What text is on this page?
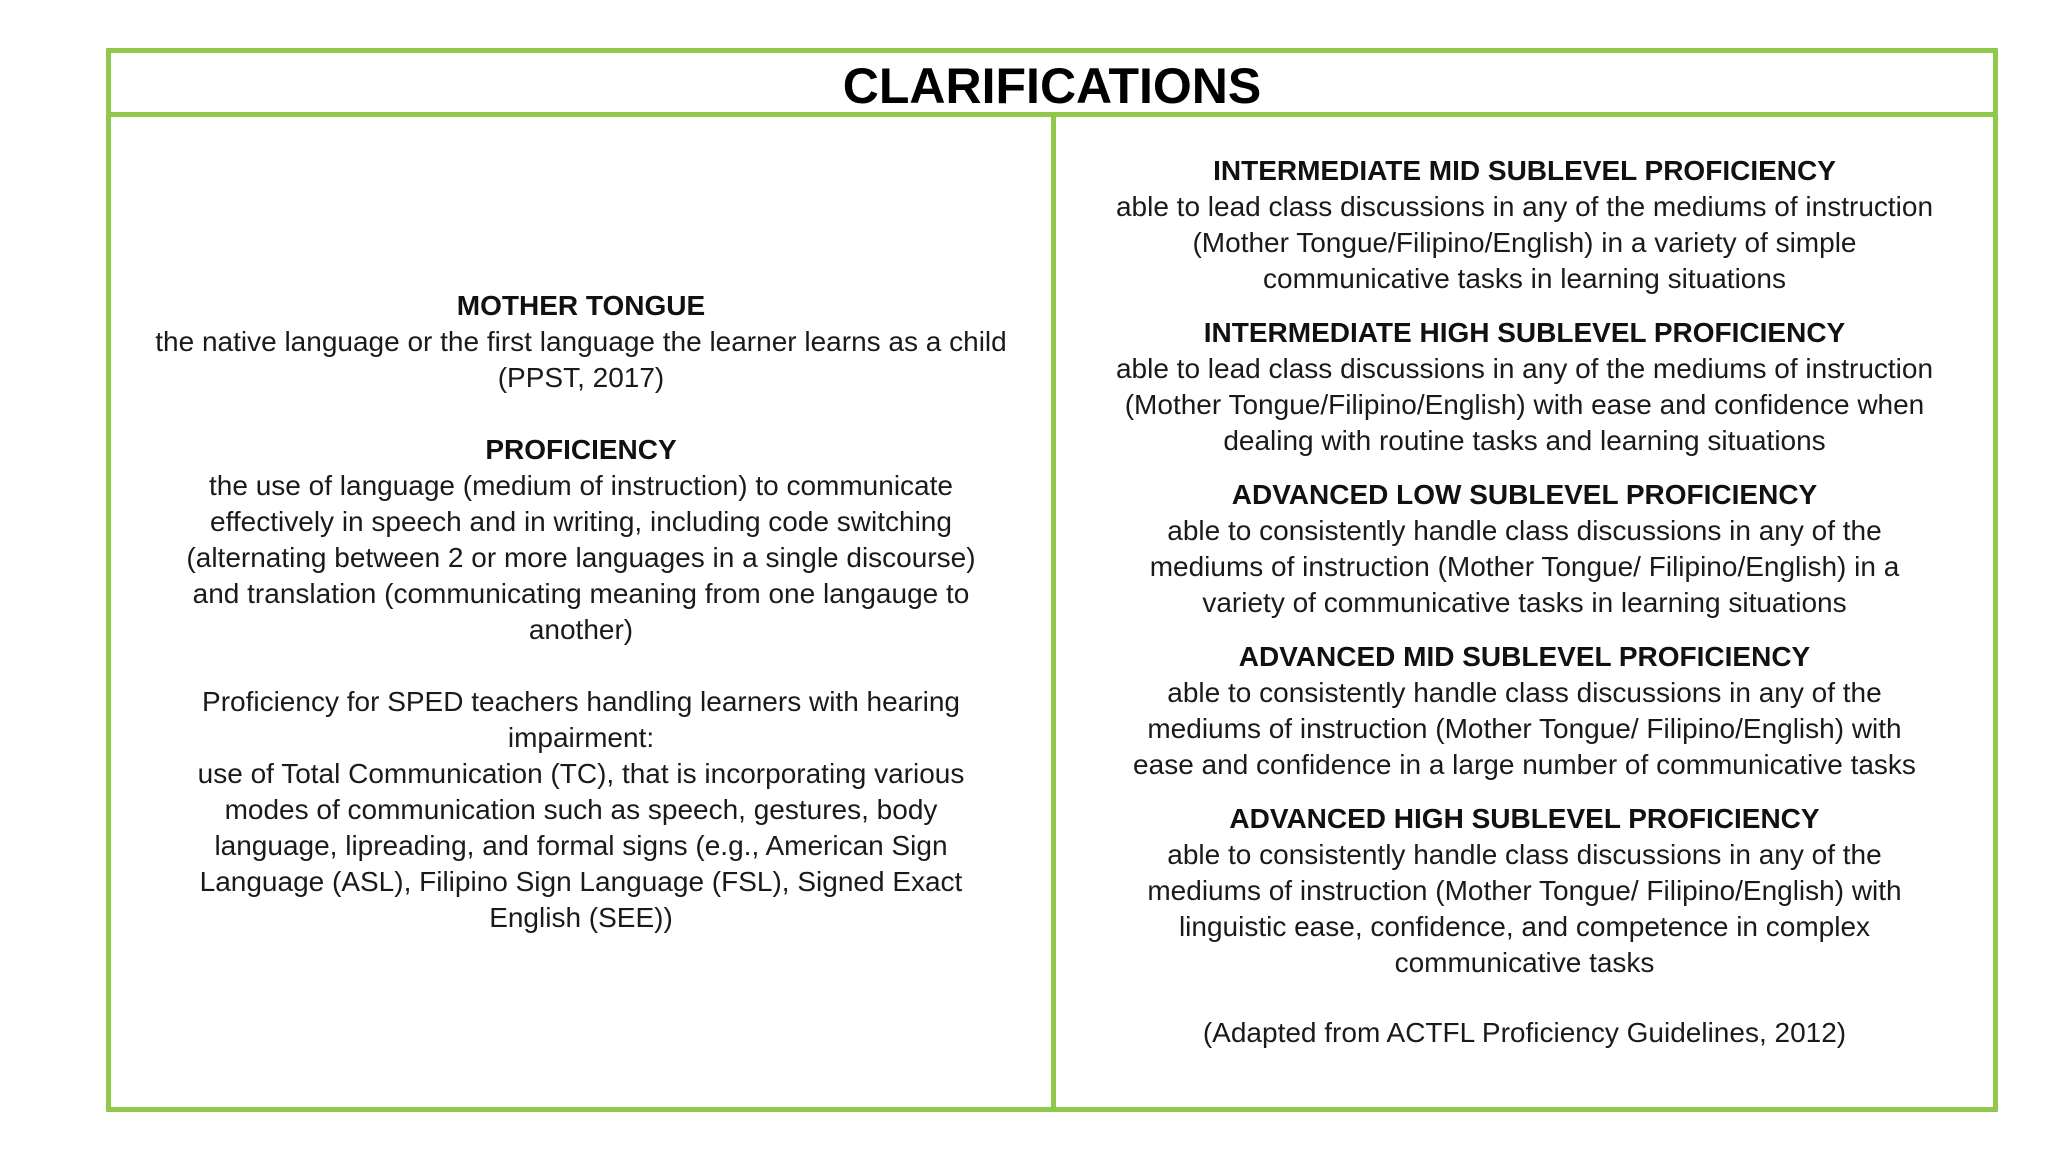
CLARIFICATIONS
MOTHER TONGUE
the native language or the first language the learner learns as a child
(PPST, 2017)
PROFICIENCY
the use of language (medium of instruction) to communicate
effectively in speech and in writing, including code switching
(alternating between 2 or more languages in a single discourse)
and translation (communicating meaning from one langauge to
another)
Proficiency for SPED teachers handling learners with hearing
impairment:
use of Total Communication (TC), that is incorporating various
modes of communication such as speech, gestures, body
language, lipreading, and formal signs (e.g., American Sign
Language (ASL), Filipino Sign Language (FSL), Signed Exact
English (SEE))
INTERMEDIATE MID SUBLEVEL PROFICIENCY
able to lead class discussions in any of the mediums of instruction
(Mother Tongue/Filipino/English) in a variety of simple
communicative tasks in learning situations
INTERMEDIATE HIGH SUBLEVEL PROFICIENCY
able to lead class discussions in any of the mediums of instruction
(Mother Tongue/Filipino/English) with ease and confidence when
dealing with routine tasks and learning situations
ADVANCED LOW SUBLEVEL PROFICIENCY
able to consistently handle class discussions in any of the
mediums of instruction (Mother Tongue/ Filipino/English) in a
variety of communicative tasks in learning situations
ADVANCED MID SUBLEVEL PROFICIENCY
able to consistently handle class discussions in any of the
mediums of instruction (Mother Tongue/ Filipino/English) with
ease and confidence in a large number of communicative tasks
ADVANCED HIGH SUBLEVEL PROFICIENCY
able to consistently handle class discussions in any of the
mediums of instruction (Mother Tongue/ Filipino/English) with
linguistic ease, confidence, and competence in complex
communicative tasks
(Adapted from ACTFL Proficiency Guidelines, 2012)
